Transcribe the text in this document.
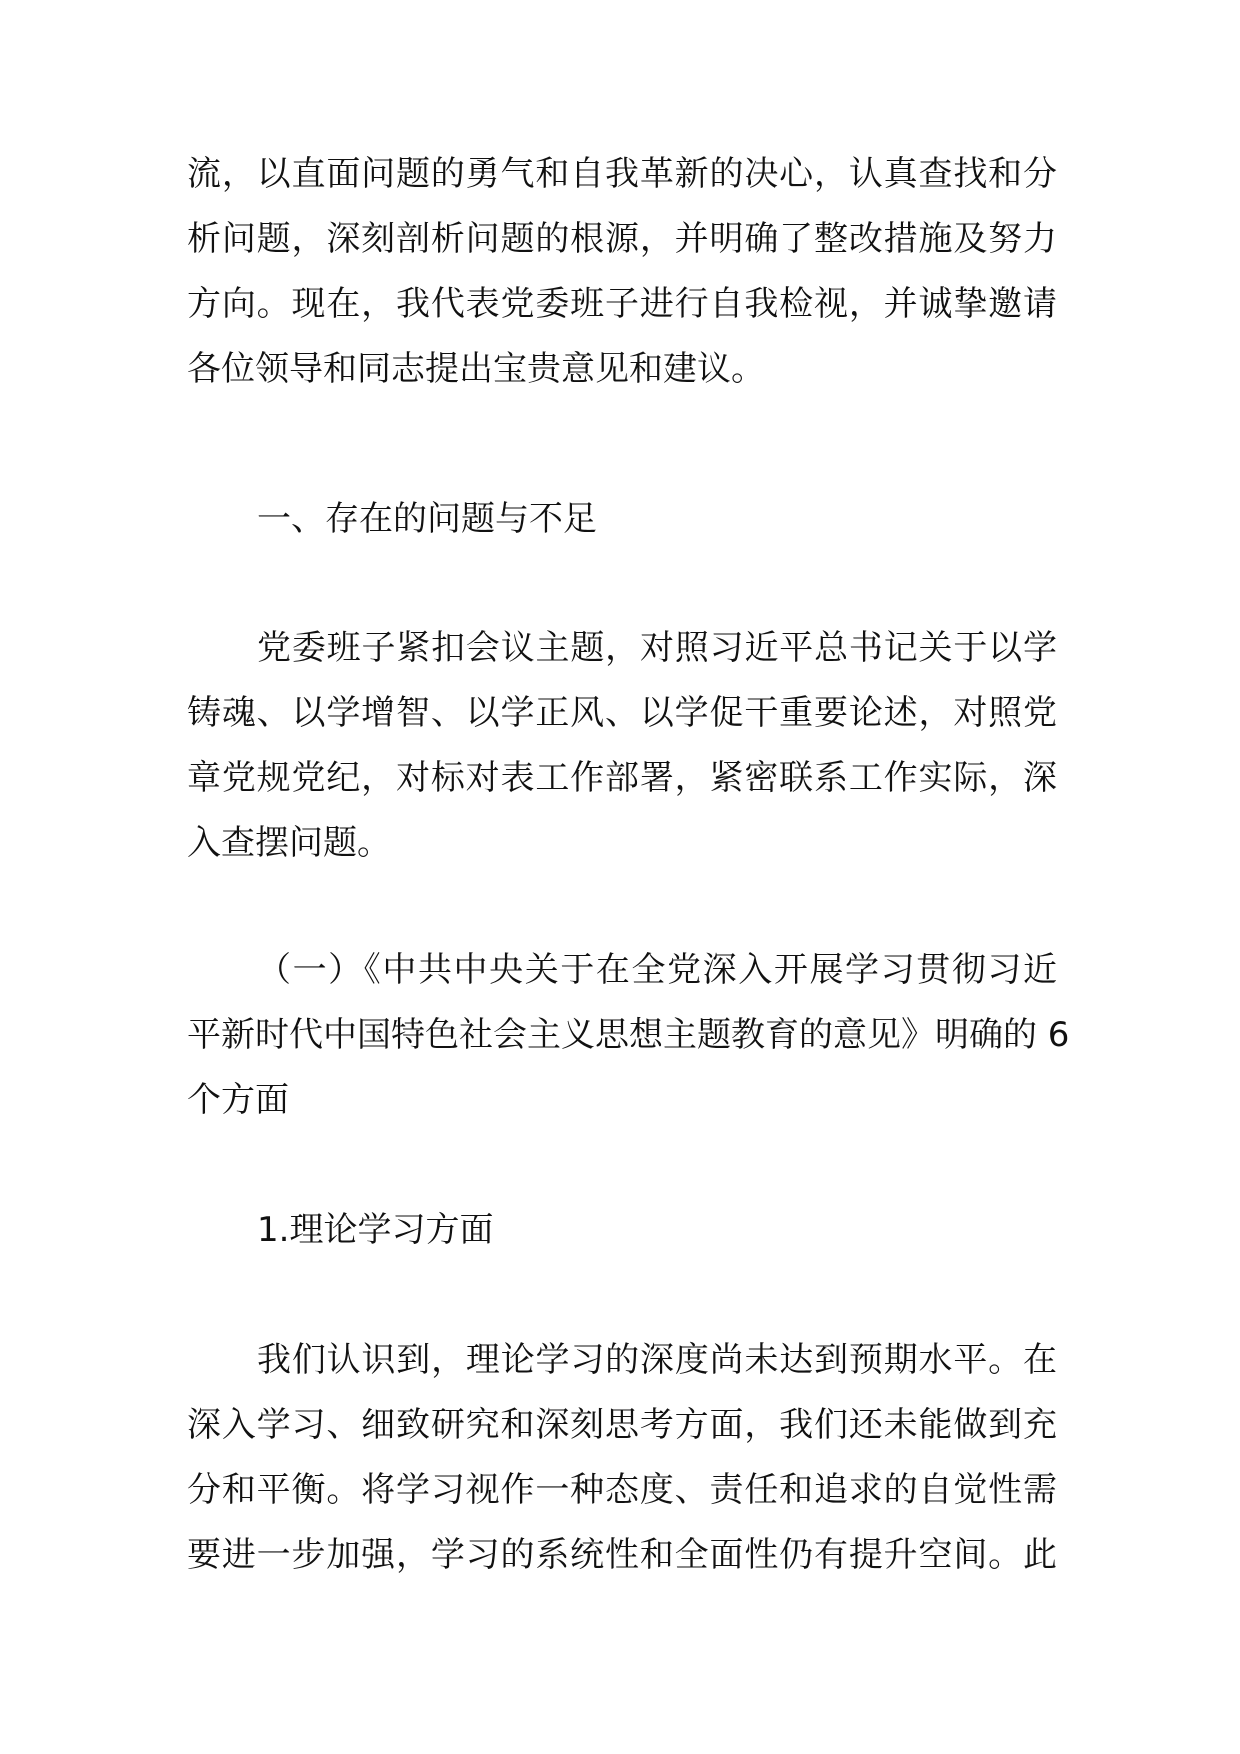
流，以直面问题的勇气和自我革新的决心，认真查找和分
析问题，深刻剖析问题的根源，并明确了整改措施及努力
方向。现在，我代表党委班子进行自我检视，并诚挚邀请
各位领导和同志提出宝贵意见和建议。
一、存在的问题与不足
党委班子紧扣会议主题，对照习近平总书记关于以学
铸魂、以学增智、以学正风、以学促干重要论述，对照党
章党规党纪，对标对表工作部署，紧密联系工作实际，深
入查摆问题。
（一）《中共中央关于在全党深入开展学习贯彻习近
平新时代中国特色社会主义思想主题教育的意见》明确的 6
个方面
1.理论学习方面
我们认识到，理论学习的深度尚未达到预期水平。在
深入学习、细致研究和深刻思考方面，我们还未能做到充
分和平衡。将学习视作一种态度、责任和追求的自觉性需
要进一步加强，学习的系统性和全面性仍有提升空间。此
